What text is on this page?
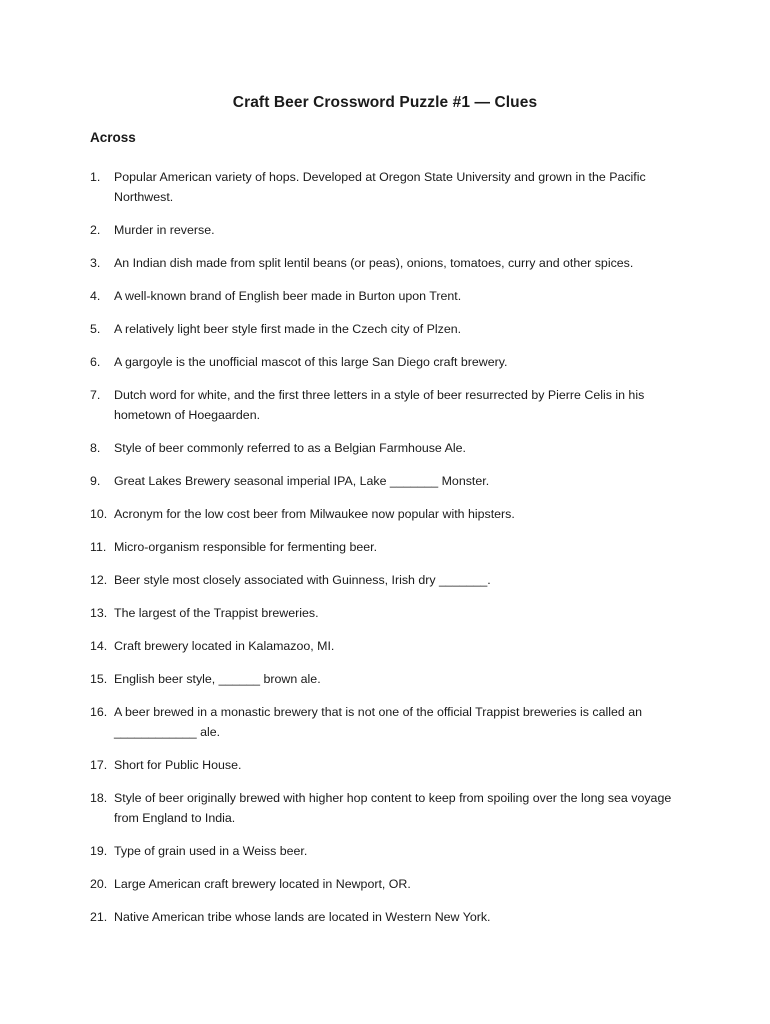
Craft Beer Crossword Puzzle #1 — Clues
Across
1.	Popular American variety of hops. Developed at Oregon State University and grown in the Pacific Northwest.
2.	Murder in reverse.
3.	An Indian dish made from split lentil beans (or peas), onions, tomatoes, curry and other spices.
4.	A well-known brand of English beer made in Burton upon Trent.
5.	A relatively light beer style first made in the Czech city of Plzen.
6.	A gargoyle is the unofficial mascot of this large San Diego craft brewery.
7.	Dutch word for white, and the first three letters in a style of beer resurrected by Pierre Celis in his hometown of Hoegaarden.
8.	Style of beer commonly referred to as a Belgian Farmhouse Ale.
9.	Great Lakes Brewery seasonal imperial IPA, Lake _______ Monster.
10. Acronym for the low cost beer from Milwaukee now popular with hipsters.
11. Micro-organism responsible for fermenting beer.
12. Beer style most closely associated with Guinness, Irish dry _______.
13. The largest of the Trappist breweries.
14. Craft brewery located in Kalamazoo, MI.
15. English beer style, ______ brown ale.
16. A beer brewed in a monastic brewery that is not one of the official Trappist breweries is called an ____________ ale.
17. Short for Public House.
18. Style of beer originally brewed with higher hop content to keep from spoiling over the long sea voyage from England to India.
19. Type of grain used in a Weiss beer.
20. Large American craft brewery located in Newport, OR.
21. Native American tribe whose lands are located in Western New York.
